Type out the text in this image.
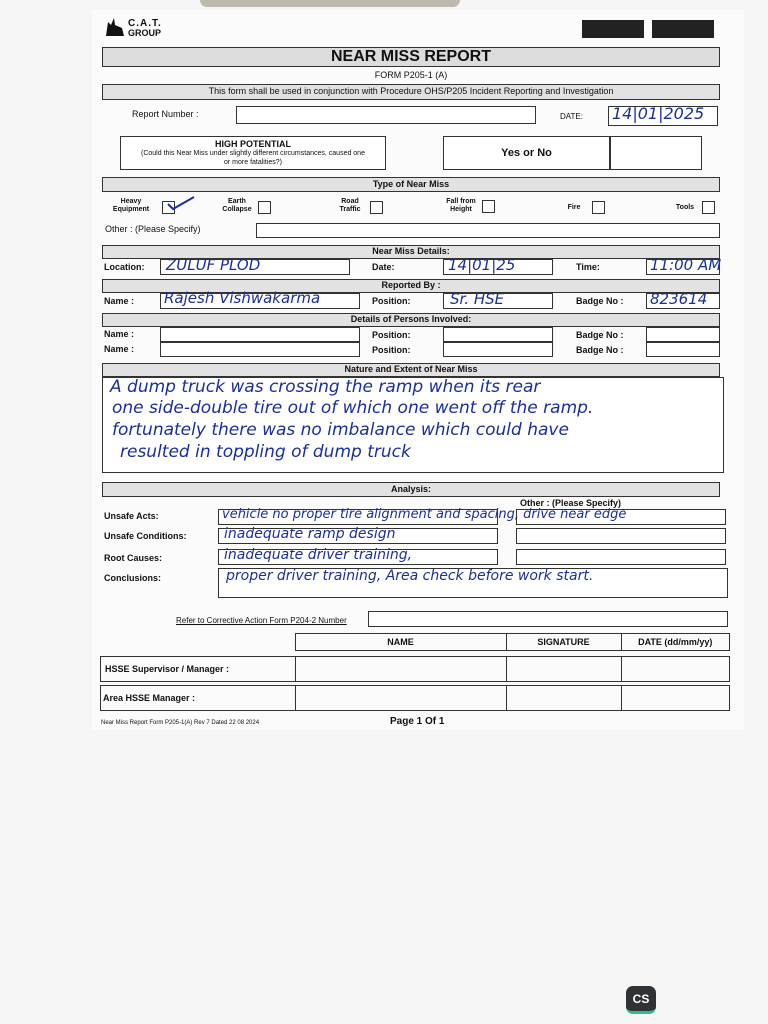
C.A.T.
GROUP
NEAR MISS REPORT
FORM P205-1 (A)
This form shall be used in conjunction with Procedure OHS/P205 Incident Reporting and Investigation
Report Number :	DATE: 14|01|2025
HIGH POTENTIAL
(Could this Near Miss under slightly different circumstances, caused one or more fatalities?)
Yes or No
Type of Near Miss
Heavy Equipment
Earth Collapse
Road Traffic
Fall from Height	Fire	Tools
Other : (Please Specify)
Near Miss Details:
Location: ZULUF PLOD	Date:	14|01|25	Time:	11:00 AM
Reported By :
Name : Rajesh Vishwakarma	Position:	Sr. HSE	Badge No : 823614
Details of Persons Involved:
Name :	Position:	Badge No :
Name :	Position:	Badge No :
Nature and Extent of Near Miss
A dump truck was crossing the ramp when its rear
one side-double tire out of which one went off the ramp.
fortunately there was no imbalance which could have
resulted in toppling of dump truck
Analysis:
Other : (Please Specify)
Unsafe Acts:	vehicle no proper tire alignment and spacing, drive near edge
Unsafe Conditions:	inadequate ramp design
Root Causes:	inadequate driver training,
Conclusions:	proper driver training, Area check before work start.
Refer to Corrective Action Form P204-2 Number
	NAME	SIGNATURE	DATE (dd/mm/yy)

HSSE Supervisor / Manager :			

Area HSSE Manager :			
Near Miss Report Form P205-1(A) Rev 7 Dated 22 08 2024	Page 1 Of 1
CS
